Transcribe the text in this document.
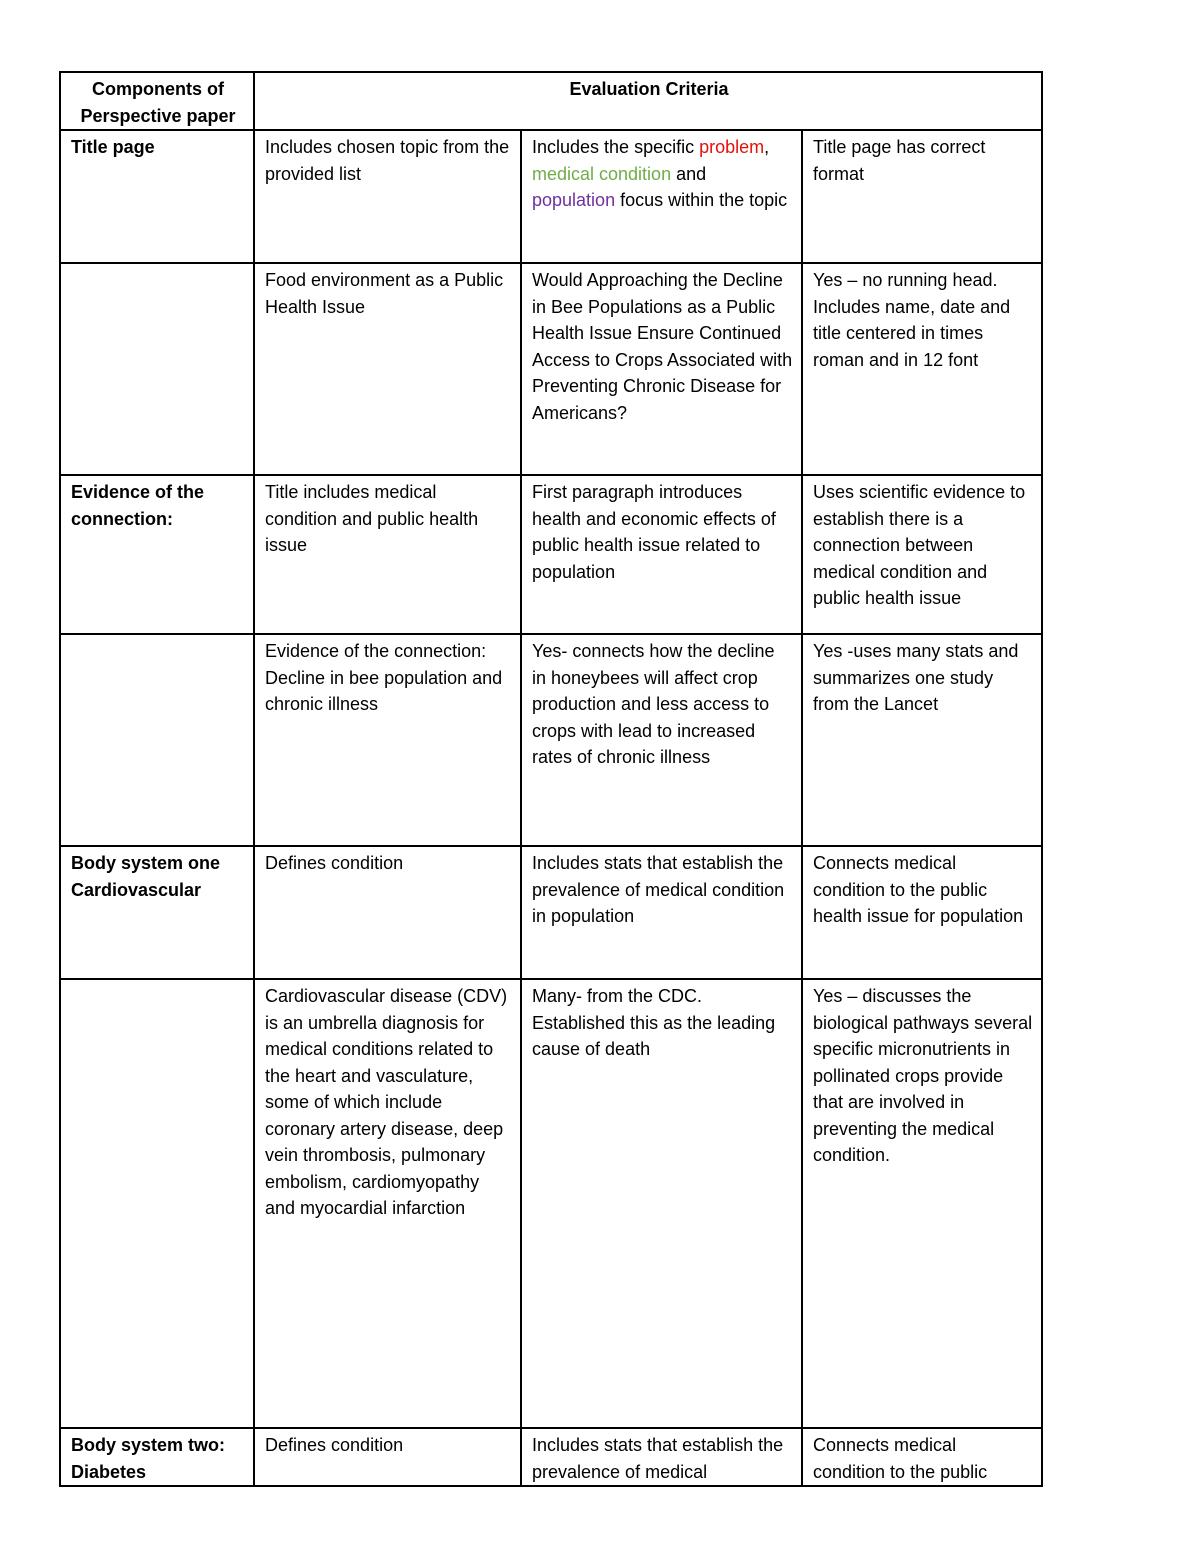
Components of Perspective paper	Evaluation Criteria		
Title page	Includes chosen topic from the provided list	Includes the specific problem, medical condition and population focus within the topic	Title page has correct format
	Food environment as a Public Health Issue	Would Approaching the Decline in Bee Populations as a Public Health Issue Ensure Continued Access to Crops Associated with Preventing Chronic Disease for Americans?	Yes – no running head. Includes name, date and title centered in times roman and in 12 font
Evidence of the connection:	Title includes medical condition and public health issue	First paragraph introduces health and economic effects of public health issue related to population	Uses scientific evidence to establish there is a connection between medical condition and public health issue
	Evidence of the connection: Decline in bee population and chronic illness	Yes- connects how the decline in honeybees will affect crop production and less access to crops with lead to increased rates of chronic illness	Yes -uses many stats and summarizes one study from the Lancet
Body system one Cardiovascular	Defines condition	Includes stats that establish the prevalence of medical condition in population	Connects medical condition to the public health issue for population
	Cardiovascular disease (CDV) is an umbrella diagnosis for medical conditions related to the heart and vasculature, some of which include coronary artery disease, deep vein thrombosis, pulmonary embolism, cardiomyopathy and myocardial infarction	Many- from the CDC. Established this as the leading cause of death	Yes – discusses the biological pathways several specific micronutrients in pollinated crops provide that are involved in preventing the medical condition.

Body system two: Diabetes	Defines condition	Includes stats that establish the prevalence of medical	Connects medical condition to the public
